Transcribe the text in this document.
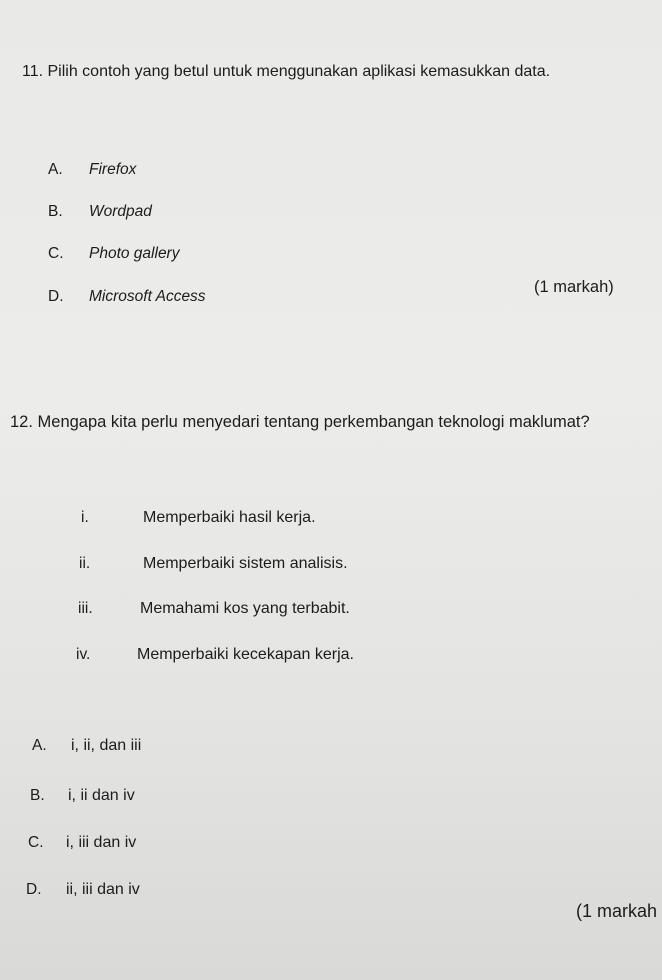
11. Pilih contoh yang betul untuk menggunakan aplikasi kemasukkan data.
A. Firefox
B. Wordpad
C. Photo gallery
D. Microsoft Access
(1 markah)
12. Mengapa kita perlu menyedari tentang perkembangan teknologi maklumat?
i.	Memperbaiki hasil kerja.
ii.	Memperbaiki sistem analisis.
iii.	Memahami kos yang terbabit.
iv.	Memperbaiki kecekapan kerja.
A. i, ii, dan iii
B. i, ii dan iv
C. i, iii dan iv
D. ii, iii dan iv
(1 markah
